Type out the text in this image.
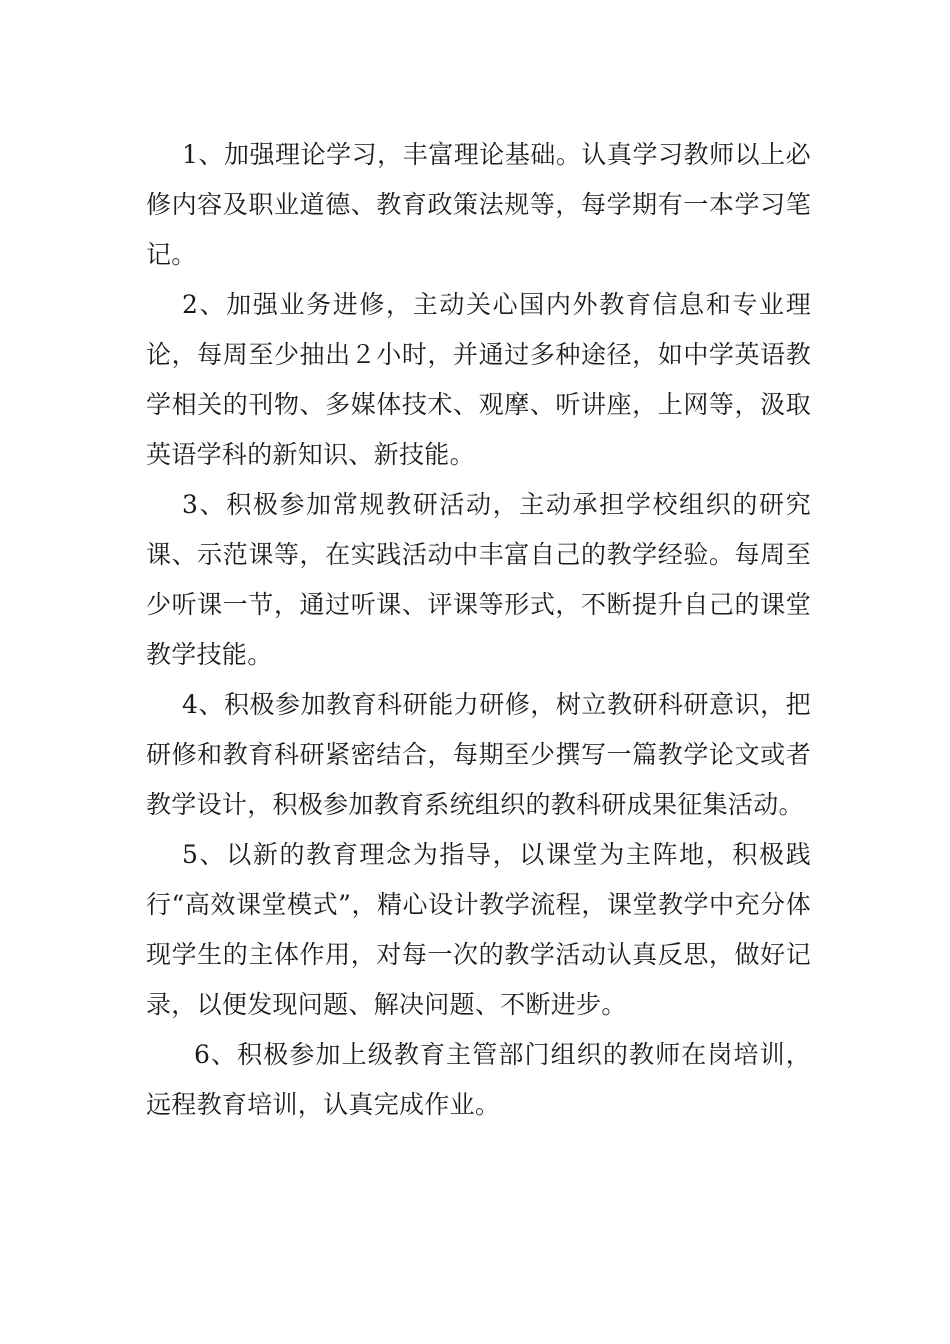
1、加强理论学习，丰富理论基础。认真学习教师以上必修内容及职业道德、教育政策法规等，每学期有一本学习笔记。

2、加强业务进修，主动关心国内外教育信息和专业理论，每周至少抽出２小时，并通过多种途径，如中学英语教学相关的刊物、多媒体技术、观摩、听讲座，上网等，汲取英语学科的新知识、新技能。

3、积极参加常规教研活动，主动承担学校组织的研究课、示范课等，在实践活动中丰富自己的教学经验。每周至少听课一节，通过听课、评课等形式，不断提升自己的课堂教学技能。

4、积极参加教育科研能力研修，树立教研科研意识，把研修和教育科研紧密结合，每期至少撰写一篇教学论文或者教学设计，积极参加教育系统组织的教科研成果征集活动。

5、以新的教育理念为指导，以课堂为主阵地，积极践行“高效课堂模式”，精心设计教学流程，课堂教学中充分体现学生的主体作用，对每一次的教学活动认真反思，做好记录，以便发现问题、解决问题、不断进步。

6、积极参加上级教育主管部门组织的教师在岗培训，远程教育培训，认真完成作业。
